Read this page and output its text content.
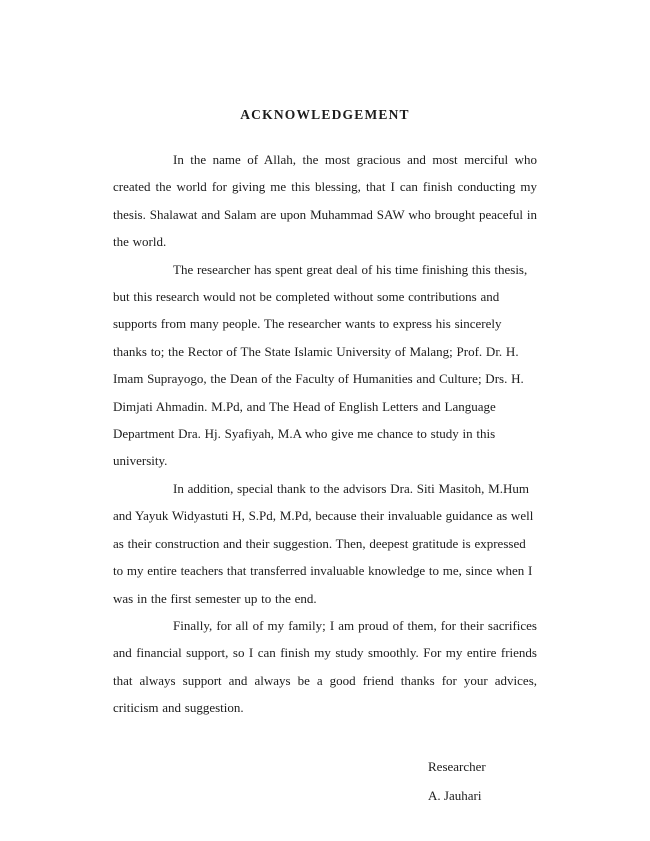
ACKNOWLEDGEMENT

In the name of Allah, the most gracious and most merciful who created the world for giving me this blessing, that I can finish conducting my thesis. Shalawat and Salam are upon Muhammad SAW who brought peaceful in the world.

The researcher has spent great deal of his time finishing this thesis, but this research would not be completed without some contributions and supports from many people. The researcher wants to express his sincerely thanks to; the Rector of The State Islamic University of Malang; Prof. Dr. H. Imam Suprayogo, the Dean of the Faculty of Humanities and Culture; Drs. H. Dimjati Ahmadin. M.Pd, and The Head of English Letters and Language Department Dra. Hj. Syafiyah, M.A who give me chance to study in this university.

In addition, special thank to the advisors Dra. Siti Masitoh, M.Hum and Yayuk Widyastuti H, S.Pd, M.Pd, because their invaluable guidance as well as their construction and their suggestion. Then, deepest gratitude is expressed to my entire teachers that transferred invaluable knowledge to me, since when I was in the first semester up to the end.

Finally, for all of my family; I am proud of them, for their sacrifices and financial support, so I can finish my study smoothly. For my entire friends that always support and always be a good friend thanks for your advices, criticism and suggestion.

Researcher
A. Jauhari
